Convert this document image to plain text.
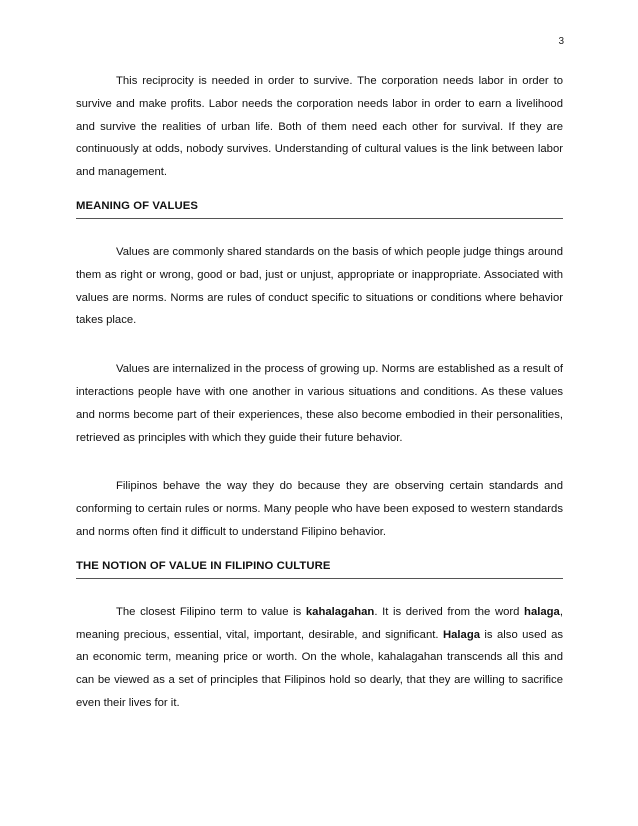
3

This reciprocity is needed in order to survive. The corporation needs labor in order to survive and make profits. Labor needs the corporation needs labor in order to earn a livelihood and survive the realities of urban life. Both of them need each other for survival. If they are continuously at odds, nobody survives. Understanding of cultural values is the link between labor and management.

MEANING OF VALUES

Values are commonly shared standards on the basis of which people judge things around them as right or wrong, good or bad, just or unjust, appropriate or inappropriate. Associated with values are norms. Norms are rules of conduct specific to situations or conditions where behavior takes place.

Values are internalized in the process of growing up. Norms are established as a result of interactions people have with one another in various situations and conditions. As these values and norms become part of their experiences, these also become embodied in their personalities, retrieved as principles with which they guide their future behavior.

Filipinos behave the way they do because they are observing certain standards and conforming to certain rules or norms. Many people who have been exposed to western standards and norms often find it difficult to understand Filipino behavior.

THE NOTION OF VALUE IN FILIPINO CULTURE

The closest Filipino term to value is kahalagahan. It is derived from the word halaga, meaning precious, essential, vital, important, desirable, and significant. Halaga is also used as an economic term, meaning price or worth. On the whole, kahalagahan transcends all this and can be viewed as a set of principles that Filipinos hold so dearly, that they are willing to sacrifice even their lives for it.
